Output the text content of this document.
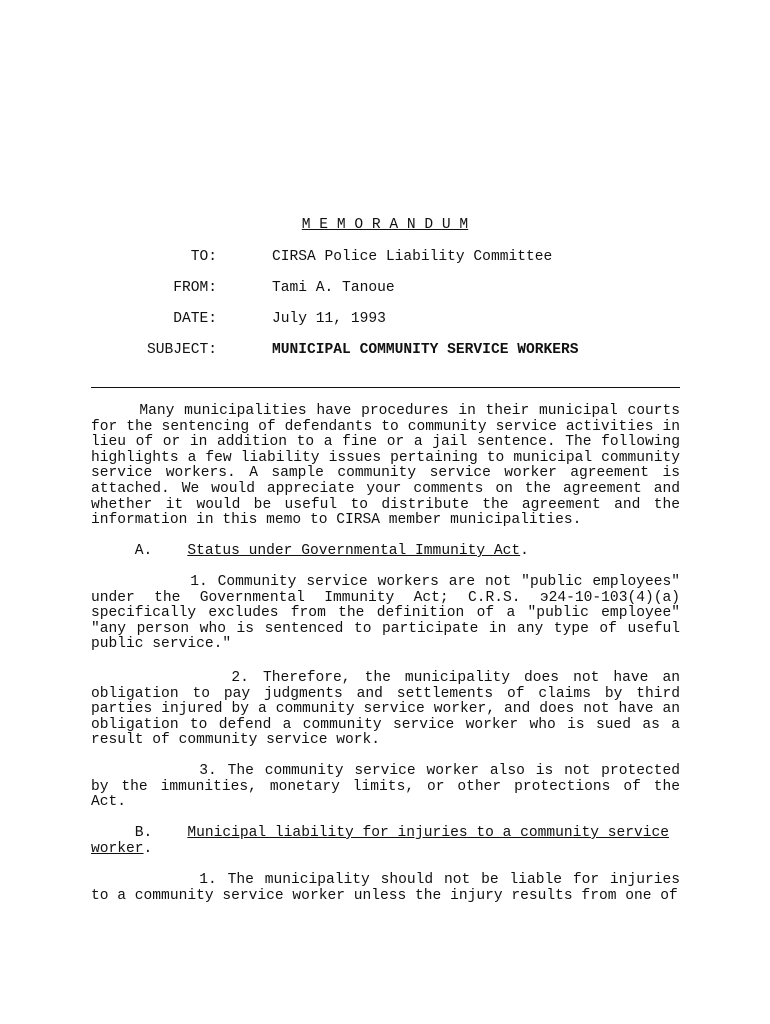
M E M O R A N D U M
TO:	CIRSA Police Liability Committee
FROM:	Tami A. Tanoue
DATE:	July 11, 1993
SUBJECT:	MUNICIPAL COMMUNITY SERVICE WORKERS
Many municipalities have procedures in their municipal courts
for the sentencing of defendants to community service activities in
lieu of or in addition to a fine or a jail sentence. The following
highlights a few liability issues pertaining to municipal community
service workers. A sample community service worker agreement is
attached. We would appreciate your comments on the agreement and
whether it would be useful to distribute the agreement and the
information in this memo to CIRSA member municipalities.
A.    Status under Governmental Immunity Act.
1. Community service workers are not "public employees"
under the Governmental Immunity Act; C.R.S. э24-10-103(4)(a)
specifically excludes from the definition of a "public employee"
"any person who is sentenced to participate in any type of useful
public service."
2. Therefore, the municipality does not have an
obligation to pay judgments and settlements of claims by third
parties injured by a community service worker, and does not have an
obligation to defend a community service worker who is sued as a
result of community service work.
3. The community service worker also is not protected
by the immunities, monetary limits, or other protections of the
Act.
B.    Municipal liability for injuries to a community service
worker.
1. The municipality should not be liable for injuries
to a community service worker unless the injury results from one of
